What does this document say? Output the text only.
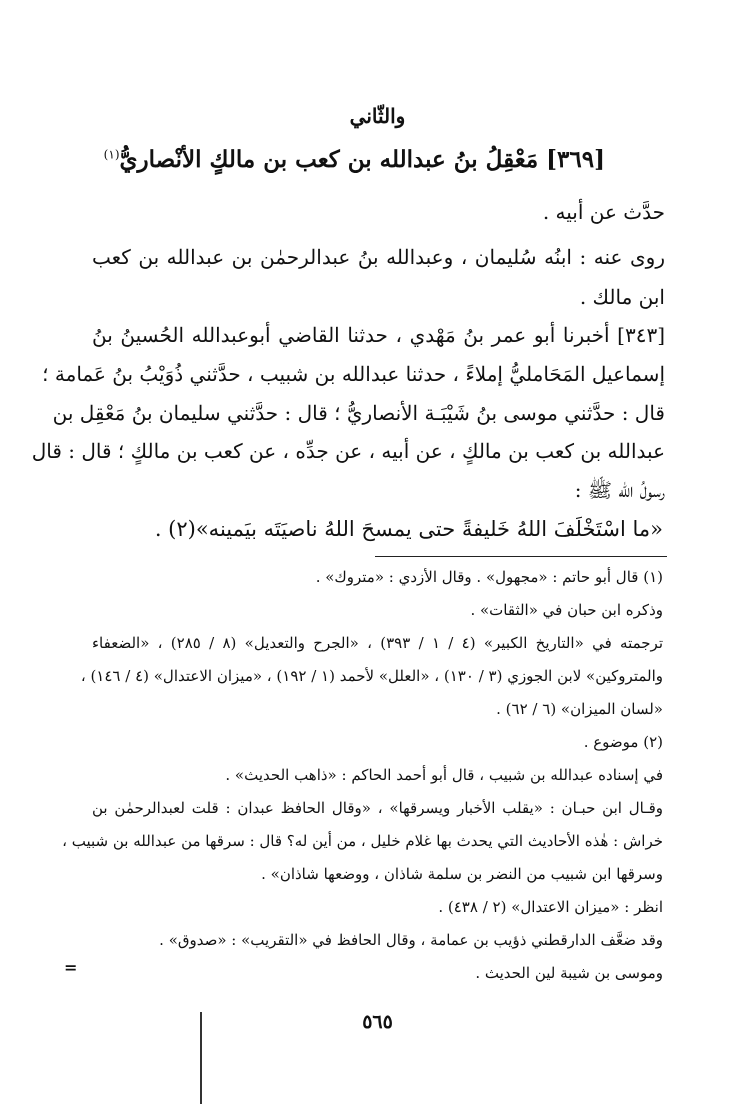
والثّاني
[٣٦٩] مَعْقِلُ بنُ عبدالله بن كعب بن مالكٍ الأنْصاريُّ$^{(١)}$
حدَّث عن أبيه .
روى عنه : ابنُه سُليمان ، وعبدالله بنُ عبدالرحمٰن بن عبدالله بن كعب
ابن مالك .
[٣٤٣] أخبرنا أبو عمر بنُ مَهْدي ، حدثنا القاضي أبوعبدالله الحُسينُ بنُ
إسماعيل المَحَامليُّ إملاءً ، حدثنا عبدالله بن شبيب ، حدَّثني ذُوَيْبُ بنُ عَمامة ؛
قال : حدَّثني موسى بنُ شَيْبَـة الأنصاريُّ ؛ قال : حدَّثني سليمان بنُ مَعْقِل بن
عبدالله بن كعب بن مالكٍ ، عن أبيه ، عن جدِّه ، عن كعب بن مالكٍ ؛ قال : قال
رسولُ الله ﷺ :
«ما اسْتَخْلَفَ اللهُ خَليفةً حتى يمسحَ اللهُ ناصيَتَه بيَمينه»(٢) .
(١) قال أبو حاتم : «مجهول» . وقال الأزدي : «متروك» .
وذكره ابن حبان في «الثقات» .
ترجمته في «التاريخ الكبير» (٤ / ١ / ٣٩٣) ، «الجرح والتعديل» (٨ / ٢٨٥) ، «الضعفاء
والمتروكين» لابن الجوزي (٣ / ١٣٠) ، «العلل» لأحمد (١ / ١٩٢) ، «ميزان الاعتدال» (٤ / ١٤٦) ،
«لسان الميزان» (٦ / ٦٢) .
(٢) موضوع .
في إسناده عبدالله بن شبيب ، قال أبو أحمد الحاكم : «ذاهب الحديث» .
وقـال ابن حبـان : «يقلب الأخبار ويسرقها» ، «وقال الحافظ عبدان : قلت لعبدالرحمٰن بن
خراش : هٰذه الأحاديث التي يحدث بها غلام خليل ، من أين له؟ قال : سرقها من عبدالله بن شبيب ،
وسرقها ابن شبيب من النضر بن سلمة شاذان ، ووضعها شاذان» .
انظر : «ميزان الاعتدال» (٢ / ٤٣٨) .
وقد ضعَّف الدارقطني ذؤيب بن عمامة ، وقال الحافظ في «التقريب» : «صدوق» .
وموسى بن شيبة لين الحديث .
=
٥٦٥
